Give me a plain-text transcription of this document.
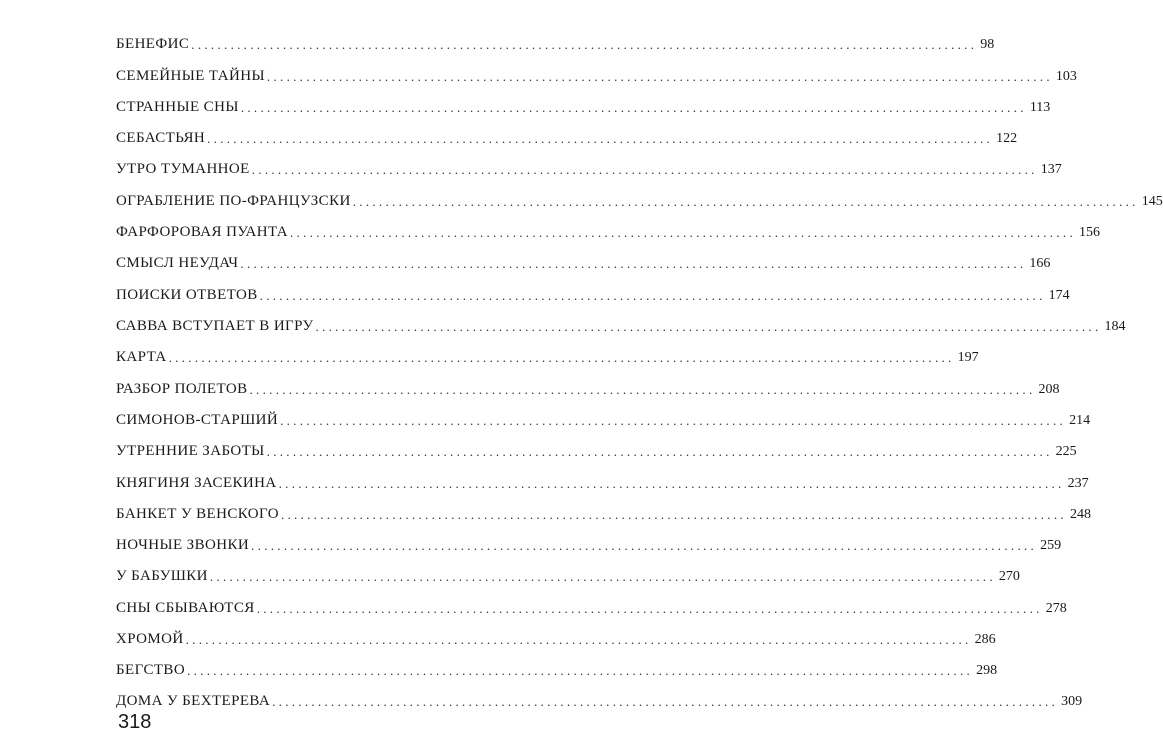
БЕНЕФИС ........................................................................................................................ 98
СЕМЕЙНЫЕ ТАЙНЫ ........................................................................................................................ 103
СТРАННЫЕ СНЫ ........................................................................................................................ 113
СЕБАСТЬЯН ........................................................................................................................ 122
УТРО ТУМАННОЕ ........................................................................................................................ 137
ОГРАБЛЕНИЕ ПО-ФРАНЦУЗСКИ ........................................................................................................................ 145
ФАРФОРОВАЯ ПУАНТА ........................................................................................................................ 156
СМЫСЛ НЕУДАЧ ........................................................................................................................ 166
ПОИСКИ ОТВЕТОВ ........................................................................................................................ 174
САВВА ВСТУПАЕТ В ИГРУ ........................................................................................................................ 184
КАРТА ........................................................................................................................ 197
РАЗБОР ПОЛЕТОВ ........................................................................................................................ 208
СИМОНОВ-СТАРШИЙ ........................................................................................................................ 214
УТРЕННИЕ ЗАБОТЫ ........................................................................................................................ 225
КНЯГИНЯ ЗАСЕКИНА ........................................................................................................................ 237
БАНКЕТ У ВЕНСКОГО ........................................................................................................................ 248
НОЧНЫЕ ЗВОНКИ ........................................................................................................................ 259
У БАБУШКИ ........................................................................................................................ 270
СНЫ СБЫВАЮТСЯ ........................................................................................................................ 278
ХРОМОЙ ........................................................................................................................ 286
БЕГСТВО ........................................................................................................................ 298
ДОМА У БЕХТЕРЕВА ........................................................................................................................ 309
318
